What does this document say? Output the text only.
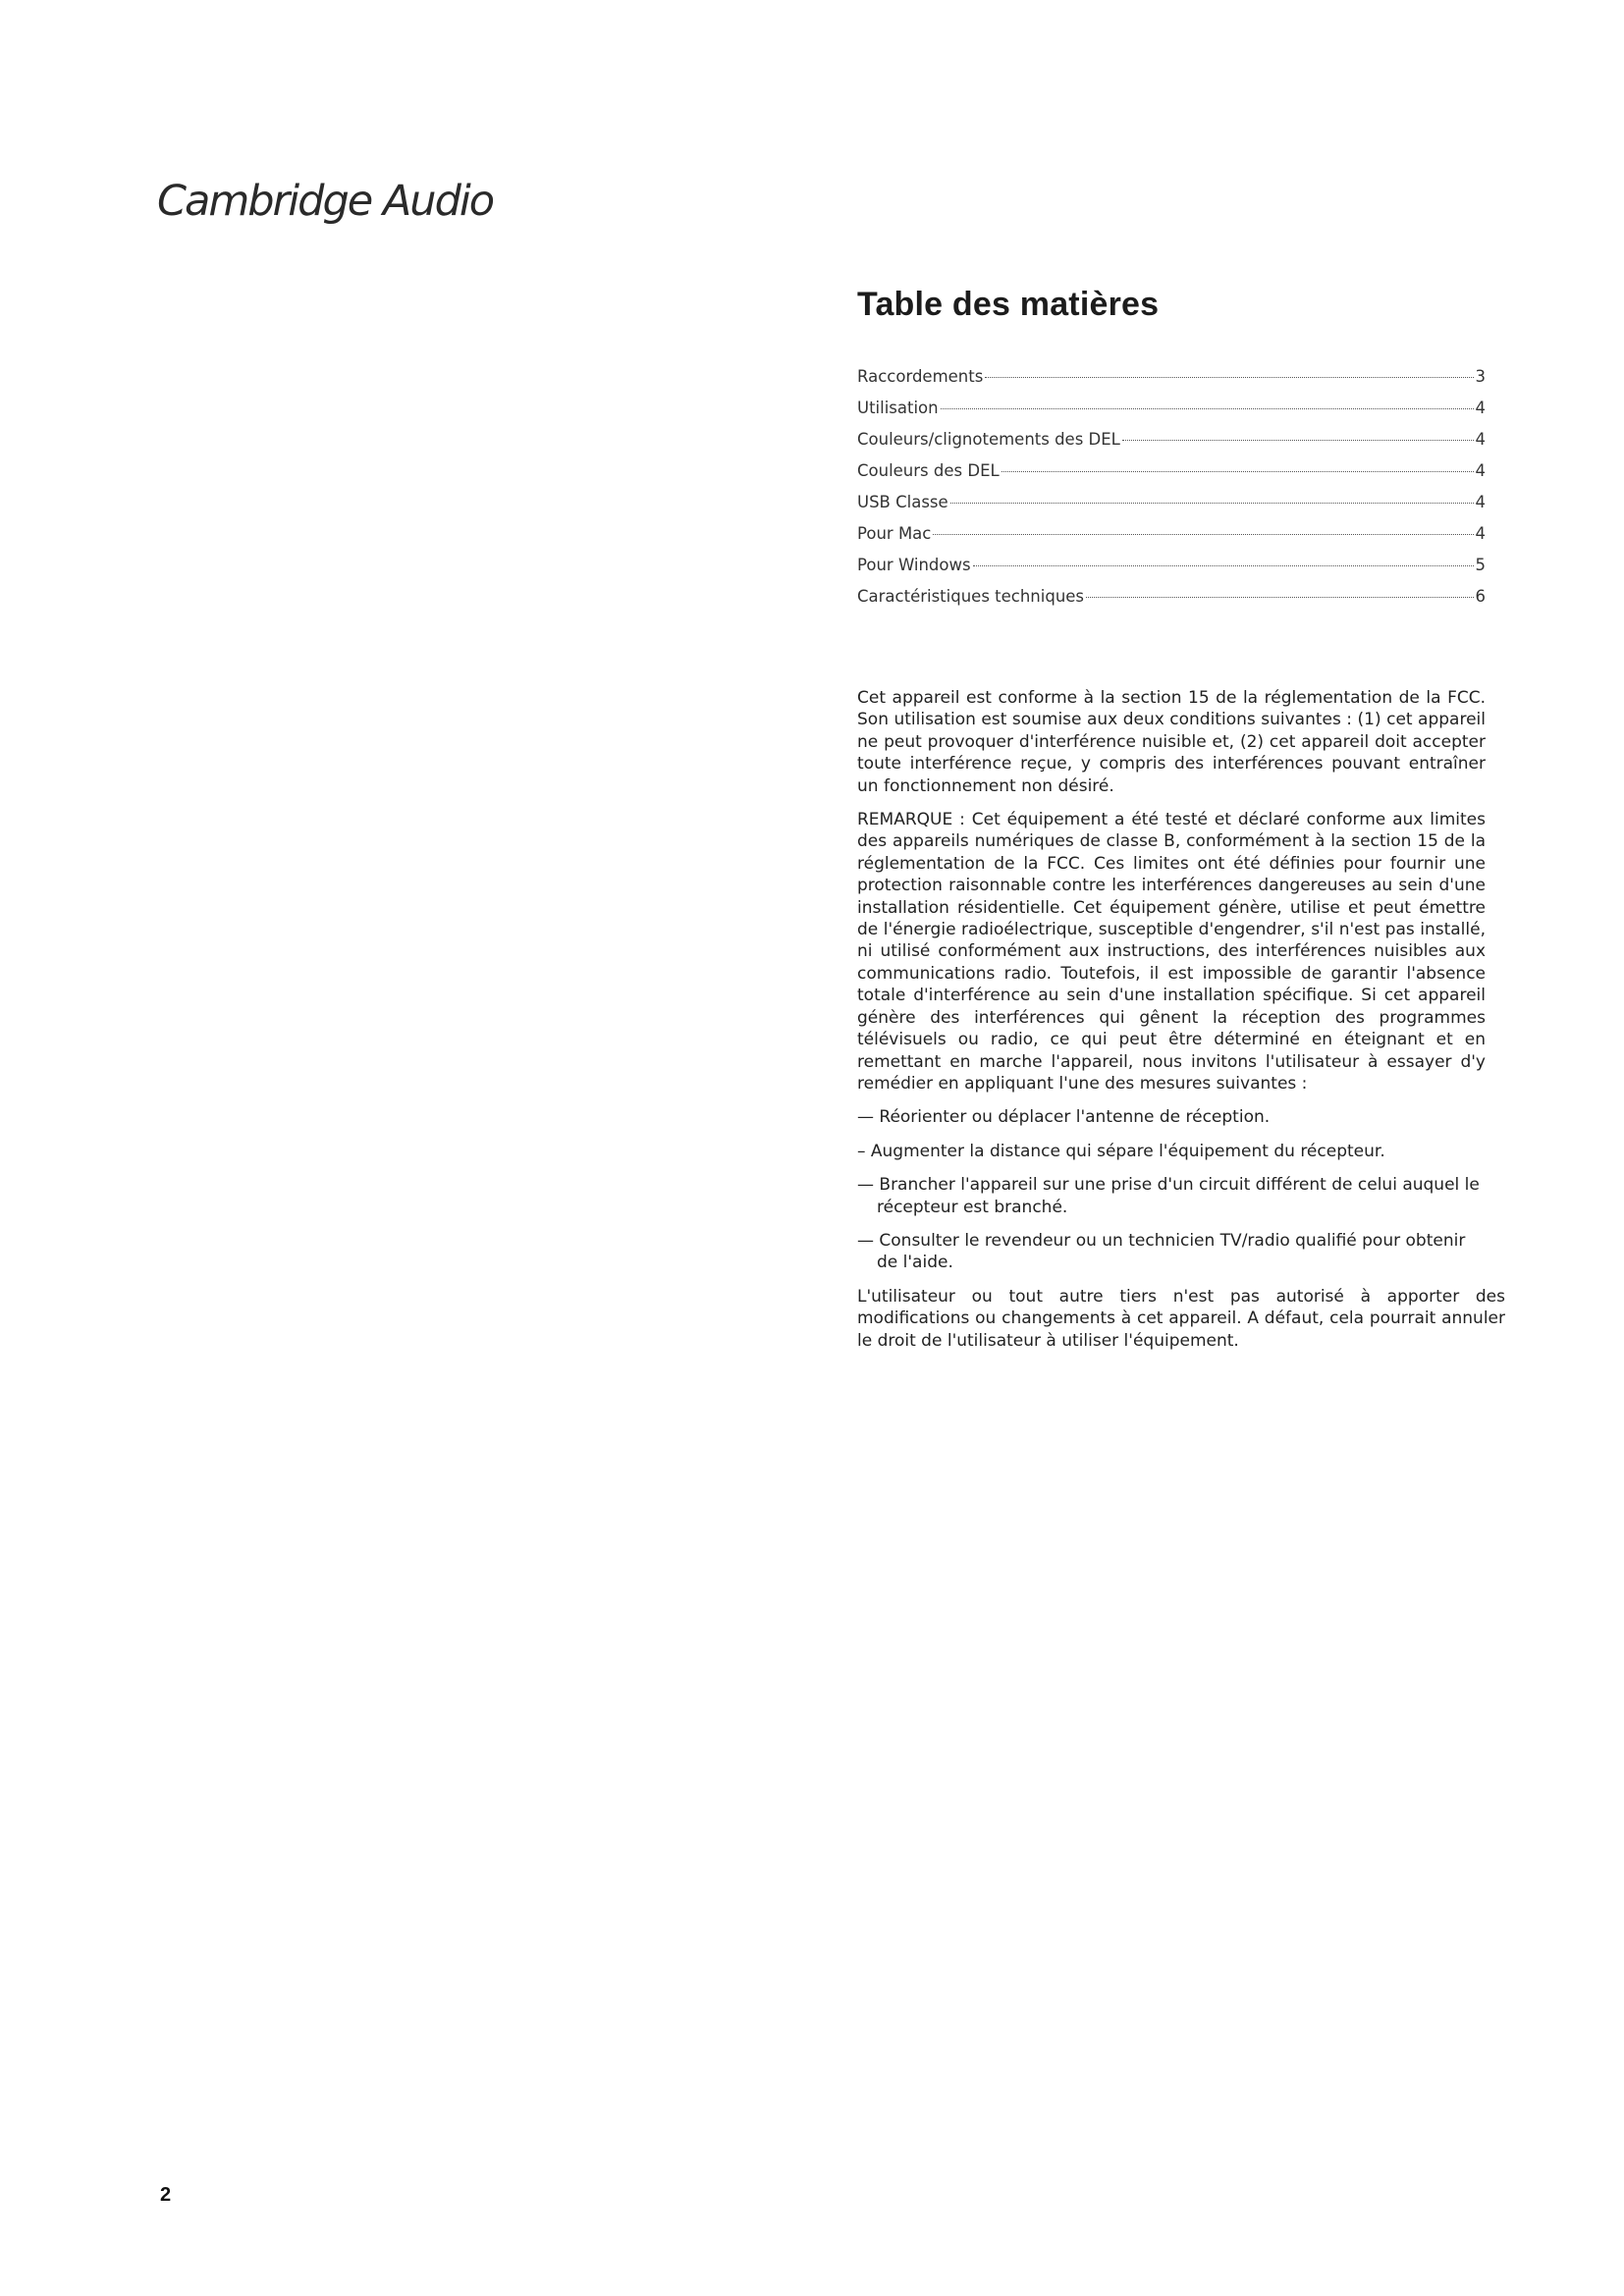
Cambridge Audio
Table des matières
Raccordements	3
Utilisation	4
Couleurs/clignotements des DEL	4
Couleurs des DEL	4
USB Classe	4
Pour Mac	4
Pour Windows	5
Caractéristiques techniques	6

Cet appareil est conforme à la section 15 de la réglementation de la FCC. Son utilisation est soumise aux deux conditions suivantes : (1) cet appareil ne peut provoquer d'interférence nuisible et, (2) cet appareil doit accepter toute interférence reçue, y compris des interférences pouvant entraîner un fonctionnement non désiré.

REMARQUE : Cet équipement a été testé et déclaré conforme aux limites des appareils numériques de classe B, conformément à la section 15 de la réglementation de la FCC. Ces limites ont été définies pour fournir une protection raisonnable contre les interférences dangereuses au sein d'une installation résidentielle. Cet équipement génère, utilise et peut émettre de l'énergie radioélectrique, susceptible d'engendrer, s'il n'est pas installé, ni utilisé conformément aux instructions, des interférences nuisibles aux communications radio. Toutefois, il est impossible de garantir l'absence totale d'interférence au sein d'une installation spécifique. Si cet appareil génère des interférences qui gênent la réception des programmes télévisuels ou radio, ce qui peut être déterminé en éteignant et en remettant en marche l'appareil, nous invitons l'utilisateur à essayer d'y remédier en appliquant l'une des mesures suivantes :

— Réorienter ou déplacer l'antenne de réception.

– Augmenter la distance qui sépare l'équipement du récepteur.

— Brancher l'appareil sur une prise d'un circuit différent de celui auquel le récepteur est branché.

— Consulter le revendeur ou un technicien TV/radio qualifié pour obtenir de l'aide.

L'utilisateur ou tout autre tiers n'est pas autorisé à apporter des modifications ou changements à cet appareil. A défaut, cela pourrait annuler le droit de l'utilisateur à utiliser l'équipement.

2
